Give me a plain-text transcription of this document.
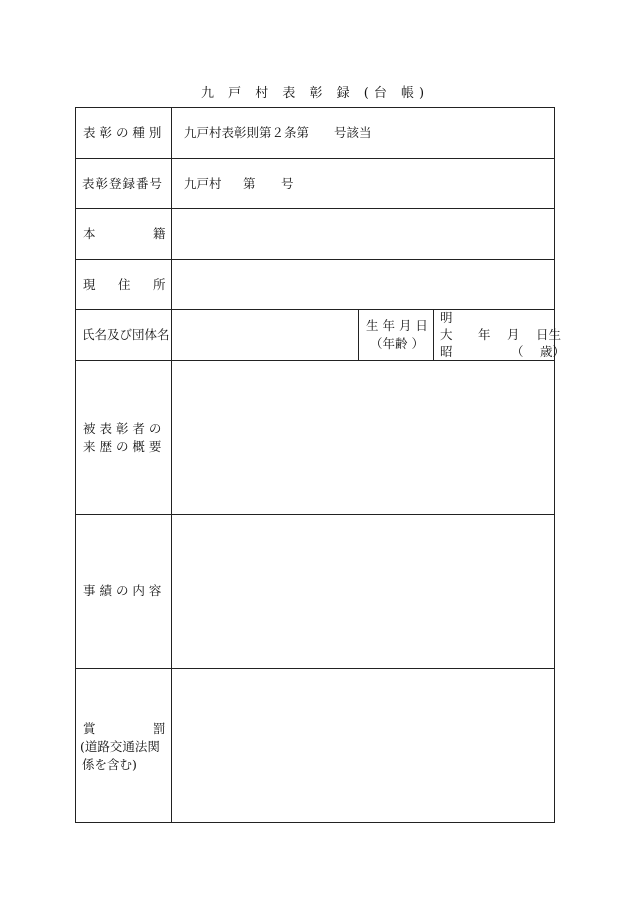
九 戸 村 表 彰 録 (台 帳)
表 彰 の 種 別 九戸村表彰則第２条第　　号該当
表彰登録番号 九戸村 第 号
本	籍
現 住 所
氏名及び団体名
生 年 月 日
（年齢 ）
明
大
昭
年　 月　 日生
（　 歳）
被 表 彰 者 の
来 歴 の 概 要
事 績 の 内 容
賞	罰
(道路交通法関
係を含む)
